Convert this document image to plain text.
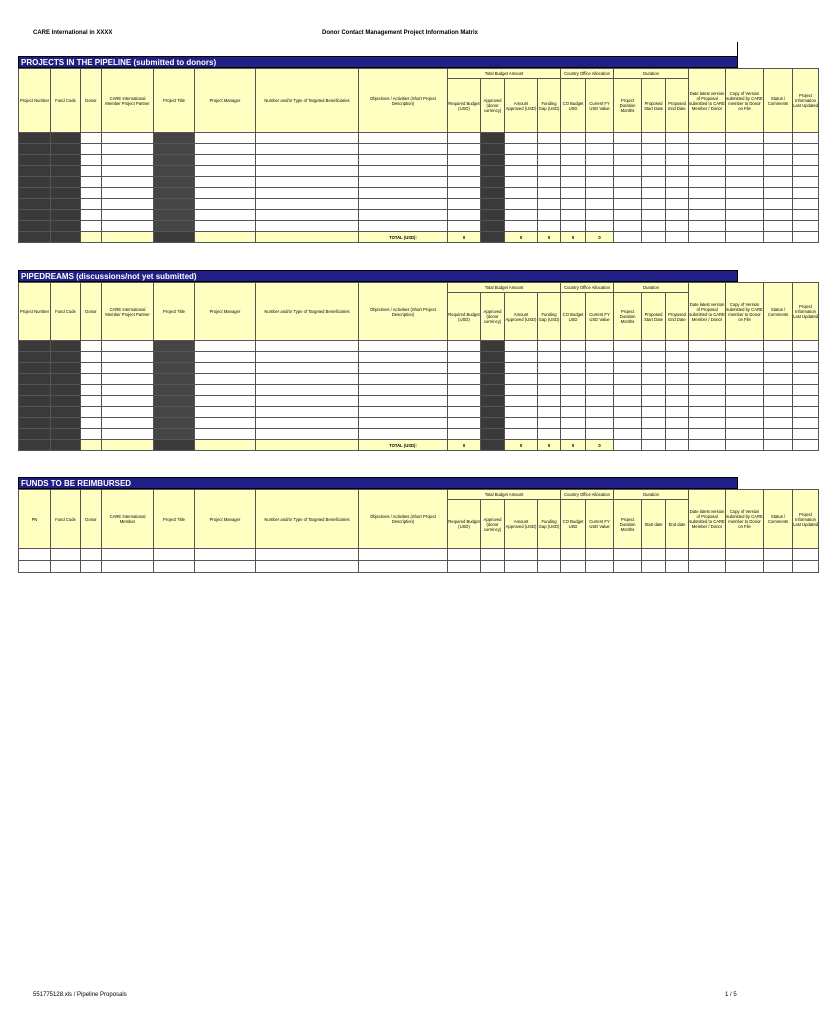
CARE International in XXXX	Donor Contact Management Project Information Matrix
PROJECTS IN THE PIPELINE (submitted to donors)
Project Number	Fund Code	Donor	CARE International Member Project Partner	Project Title	Project Manager	Number and/or Type of Targeted Beneficiaries	Objectives / Activities (Short Project Description)	Total Budget Amount				Country Office Allocation		Duration			Date latest version of Proposal submitted to CARE Member / Donor	Copy of Version submitted by CARE member to Donor on File	Status / Comments	Project Information Last Updated
								Required Budget (USD)	Approved (donor currency)	Amount Approved (USD)	Funding Gap (USD)	CO Budget USD	Current FY USD Value	Project Duration Months	Proposed Start Date	Proposed End Date				

							TOTAL (USD):	0		0	0	0	0							
PIPEDREAMS (discussions/not yet submitted)
Project Number	Fund Code	Donor	CARE International Member Project Partner	Project Title	Project Manager	Number and/or Type of Targeted Beneficiaries	Objectives / Activities (Short Project Description)	Total Budget Amount				Country Office Allocation		Duration			Date latest version of Proposal submitted to CARE Member / Donor	Copy of Version submitted by CARE member to Donor on File	Status / Comments	Project Information Last Updated
								Required Budget (USD)	Approved (donor currency)	Amount Approved (USD)	Funding Gap (USD)	CO Budget USD	Current FY USD Value	Project Duration Months	Proposed Start Date	Proposed End Date				

							TOTAL (USD):	0		0	0	0	0							
FUNDS TO BE REIMBURSED
PN	Fund Code	Donor	CARE International Member	Project Title	Project Manager	Number and/or Type of Targeted Beneficiaries	Objectives / Activities (Short Project Description)	Total Budget Amount				Country Office Allocation		Duration			Date latest version of Proposal submitted to CARE Member / Donor	Copy of Version submitted by CARE member to Donor on File	Status / Comments	Project Information Last Updated
								Required Budget (USD)	Approved (donor currency)	Amount Approved (USD)	Funding Gap (USD)	CO Budget USD	Current FY USD Value	Project Duration Months	Start date	End date				

551775128.xls / Pipeline Proposals	1 / 5
